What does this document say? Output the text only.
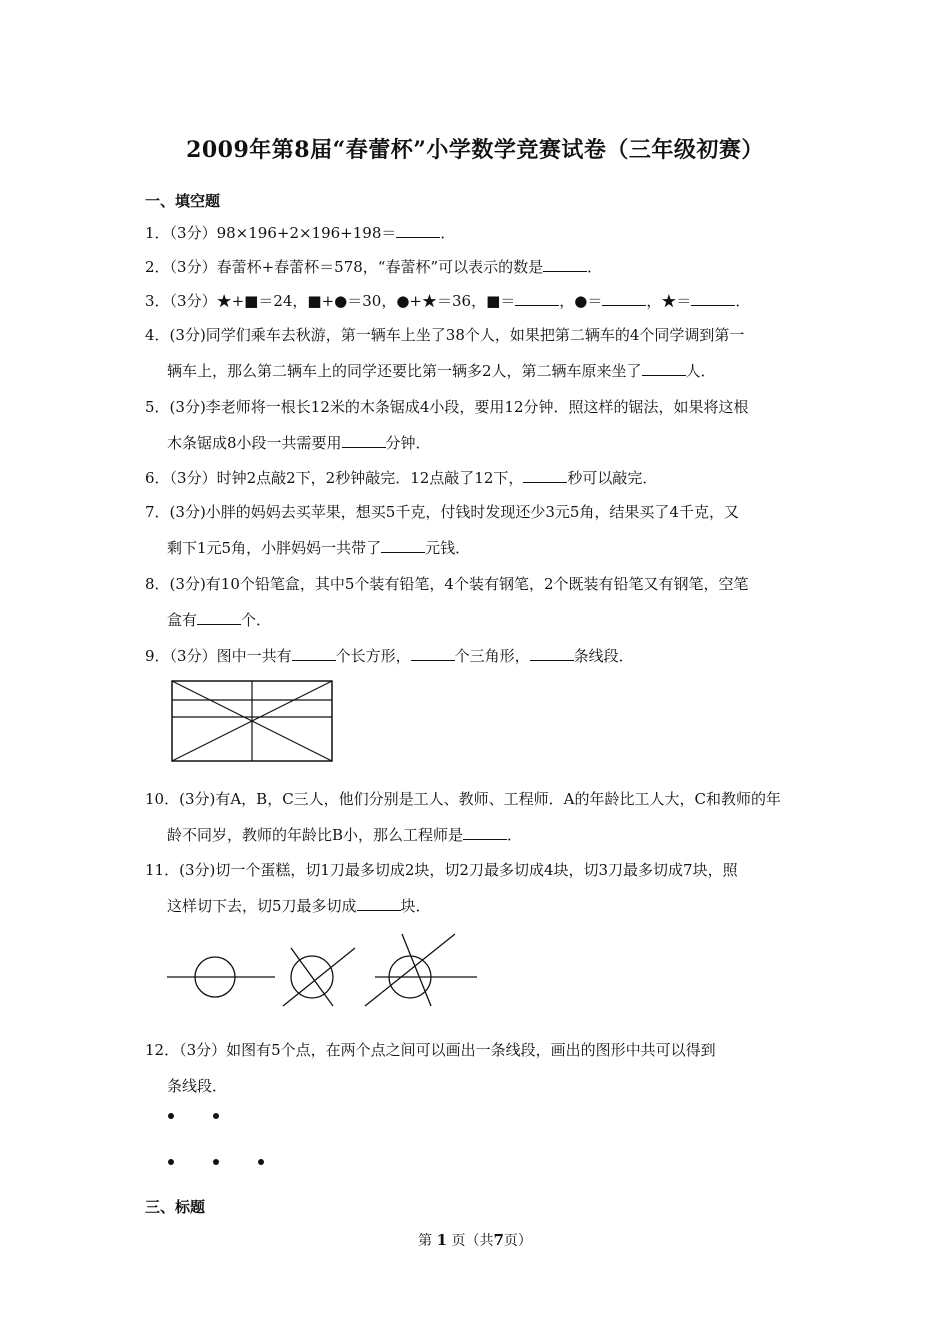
2009年第8届“春蕾杯”小学数学竞赛试卷（三年级初赛）
一、填空题
1．（3分）98×196+2×196+198＝	．
2．（3分）春蕾杯+春蕾杯＝578，“春蕾杯”可以表示的数是	．
3．（3分）★+■＝24，■+●＝30，●+★＝36，■＝	，●＝	，★＝	．
4．(3分)同学们乘车去秋游，第一辆车上坐了38个人，如果把第二辆车的4个同学调到第一
辆车上，那么第二辆车上的同学还要比第一辆多2人，第二辆车原来坐了	人．
5．(3分)李老师将一根长12米的木条锯成4小段，要用12分钟．照这样的锯法，如果将这根
木条锯成8小段一共需要用	分钟．
6．（3分）时钟2点敲2下，2秒钟敲完．12点敲了12下，	秒可以敲完．
7．(3分)小胖的妈妈去买苹果，想买5千克，付钱时发现还少3元5角，结果买了4千克，又
剩下1元5角，小胖妈妈一共带了	元钱．
8．(3分)有10个铅笔盒，其中5个装有铅笔，4个装有钢笔，2个既装有铅笔又有钢笔，空笔
盒有	个．
9．（3分）图中一共有	个长方形，	个三角形，	条线段．
10．(3分)有A，B，C三人，他们分别是工人、教师、工程师．A的年龄比工人大，C和教师的年
龄不同岁，教师的年龄比B小，那么工程师是	．
11．(3分)切一个蛋糕，切1刀最多切成2块，切2刀最多切成4块，切3刀最多切成7块，照
这样切下去，切5刀最多切成	块．
12．（3分）如图有5个点，在两个点之间可以画出一条线段，画出的图形中共可以得到
条线段．
三、标题
第 1 页（共7页）
